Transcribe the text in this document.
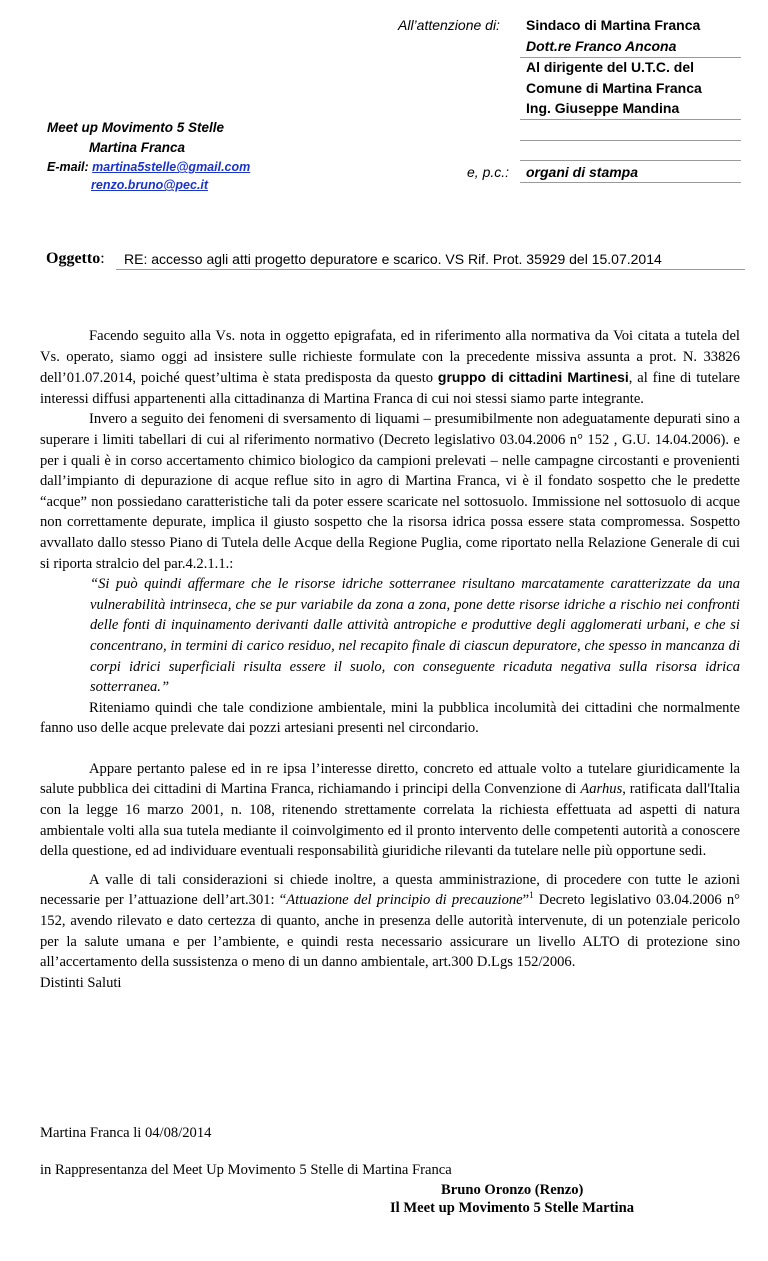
All’attenzione di: Sindaco di Martina Franca
Dott.re Franco Ancona
Al dirigente del U.T.C. del
Comune di Martina Franca
Ing. Giuseppe Mandina
e, p.c.: organi di stampa
Meet up Movimento 5 Stelle
Martina Franca
E-mail: martina5stelle@gmail.com
renzo.bruno@pec.it
Oggetto: RE: accesso agli atti progetto depuratore e scarico. VS Rif. Prot. 35929 del 15.07.2014

Facendo seguito alla Vs. nota in oggetto epigrafata, ed in riferimento alla normativa da Voi citata a tutela del Vs. operato, siamo oggi ad insistere sulle richieste formulate con la precedente missiva assunta a prot. N. 33826 dell’01.07.2014, poiché quest’ultima è stata predisposta da questo gruppo di cittadini Martinesi, al fine di tutelare interessi diffusi appartenenti alla cittadinanza di Martina Franca di cui noi stessi siamo parte integrante.

Invero a seguito dei fenomeni di sversamento di liquami – presumibilmente non adeguatamente depurati sino a superare i limiti tabellari di cui al riferimento normativo (Decreto legislativo 03.04.2006 n° 152 , G.U. 14.04.2006). e per i quali è in corso accertamento chimico biologico da campioni prelevati – nelle campagne circostanti e provenienti dall’impianto di depurazione di acque reflue sito in agro di Martina Franca, vi è il fondato sospetto che le predette “acque” non possiedano caratteristiche tali da poter essere scaricate nel sottosuolo. Immissione nel sottosuolo di acque non correttamente depurate, implica il giusto sospetto che la risorsa idrica possa essere stata compromessa. Sospetto avvallato dallo stesso Piano di Tutela delle Acque della Regione Puglia, come riportato nella Relazione Generale di cui si riporta stralcio del par.4.2.1.1.:

“Si può quindi affermare che le risorse idriche sotterranee risultano marcatamente caratterizzate da una vulnerabilità intrinseca, che se pur variabile da zona a zona, pone dette risorse idriche a rischio nei confronti delle fonti di inquinamento derivanti dalle attività antropiche e produttive degli agglomerati urbani, e che si concentrano, in termini di carico residuo, nel recapito finale di ciascun depuratore, che spesso in mancanza di corpi idrici superficiali risulta essere il suolo, con conseguente ricaduta negativa sulla risorsa idrica sotterranea.”

Riteniamo quindi che tale condizione ambientale, mini la pubblica incolumità dei cittadini che normalmente fanno uso delle acque prelevate dai pozzi artesiani presenti nel circondario.

Appare pertanto palese ed in re ipsa l’interesse diretto, concreto ed attuale volto a tutelare giuridicamente la salute pubblica dei cittadini di Martina Franca, richiamando i principi della Convenzione di Aarhus, ratificata dall'Italia con la legge 16 marzo 2001, n. 108, ritenendo strettamente correlata la richiesta effettuata ad aspetti di natura ambientale volti alla sua tutela mediante il coinvolgimento ed il pronto intervento delle competenti autorità a conoscere della questione, ed ad individuare eventuali responsabilità giuridiche rilevanti da tutelare nelle più opportune sedi.

A valle di tali considerazioni si chiede inoltre, a questa amministrazione, di procedere con tutte le azioni necessarie per l’attuazione dell’art.301: “Attuazione del principio di precauzione”$^1$ Decreto legislativo 03.04.2006 n° 152, avendo rilevato e dato certezza di quanto, anche in presenza delle autorità intervenute, di un potenziale pericolo per la salute umana e per l’ambiente, e quindi resta necessario assicurare un livello ALTO di protezione sino all’accertamento della sussistenza o meno di un danno ambientale, art.300 D.Lgs 152/2006.

Distinti Saluti

Martina Franca li 04/08/2014
in Rappresentanza del Meet Up Movimento 5 Stelle di Martina Franca
Bruno Oronzo (Renzo)
Il Meet up Movimento 5 Stelle Martina
